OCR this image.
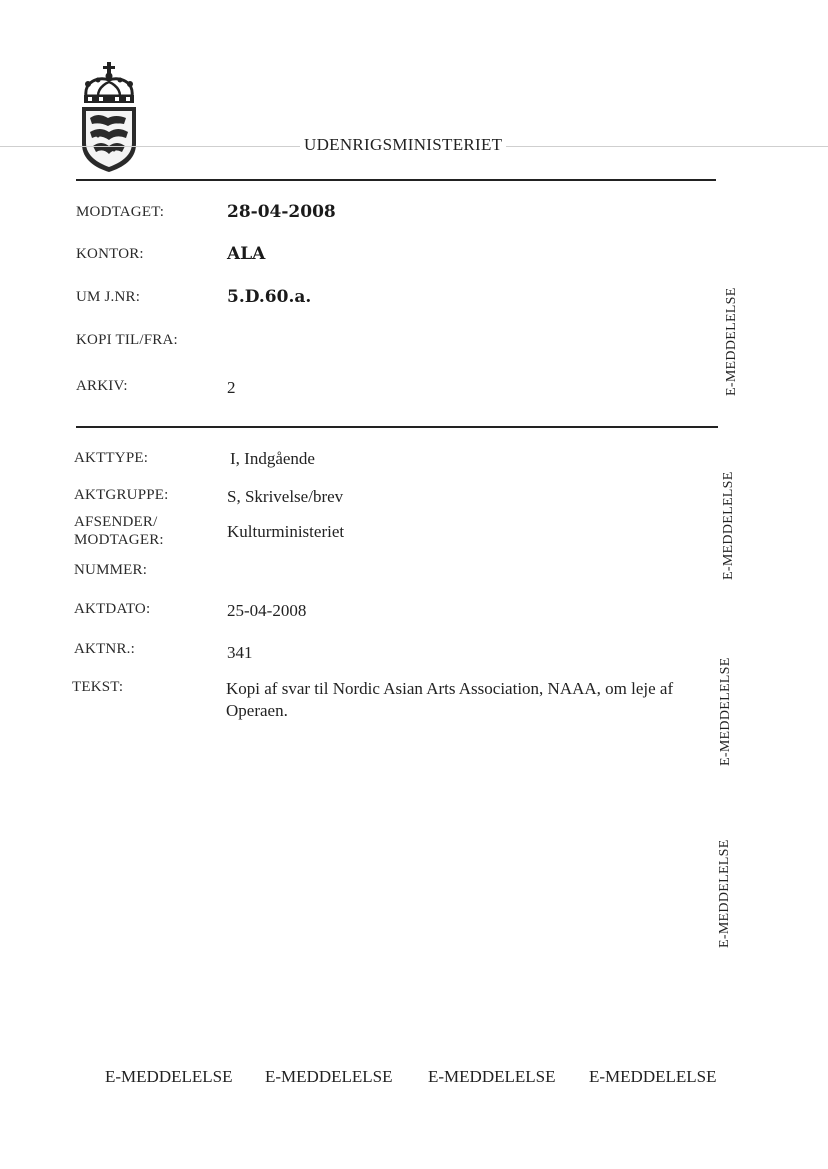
UDENRIGSMINISTERIET
MODTAGET:	28-04-2008
KONTOR:	ALA
UM J.NR:	5.D.60.a.
KOPI TIL/FRA:
ARKIV:	2
AKTTYPE:	I, Indgående
AKTGRUPPE:	S, Skrivelse/brev
AFSENDER/
MODTAGER:	Kulturministeriet
NUMMER:
AKTDATO:	25-04-2008
AKTNR.:	341
TEKST:	Kopi af svar til Nordic Asian Arts Association, NAAA, om leje af Operaen.
E-MEDDELELSE
E-MEDDELELSE
E-MEDDELELSE
E-MEDDELELSE
E-MEDDELELSE E-MEDDELELSE E-MEDDELELSE E-MEDDELELSE
